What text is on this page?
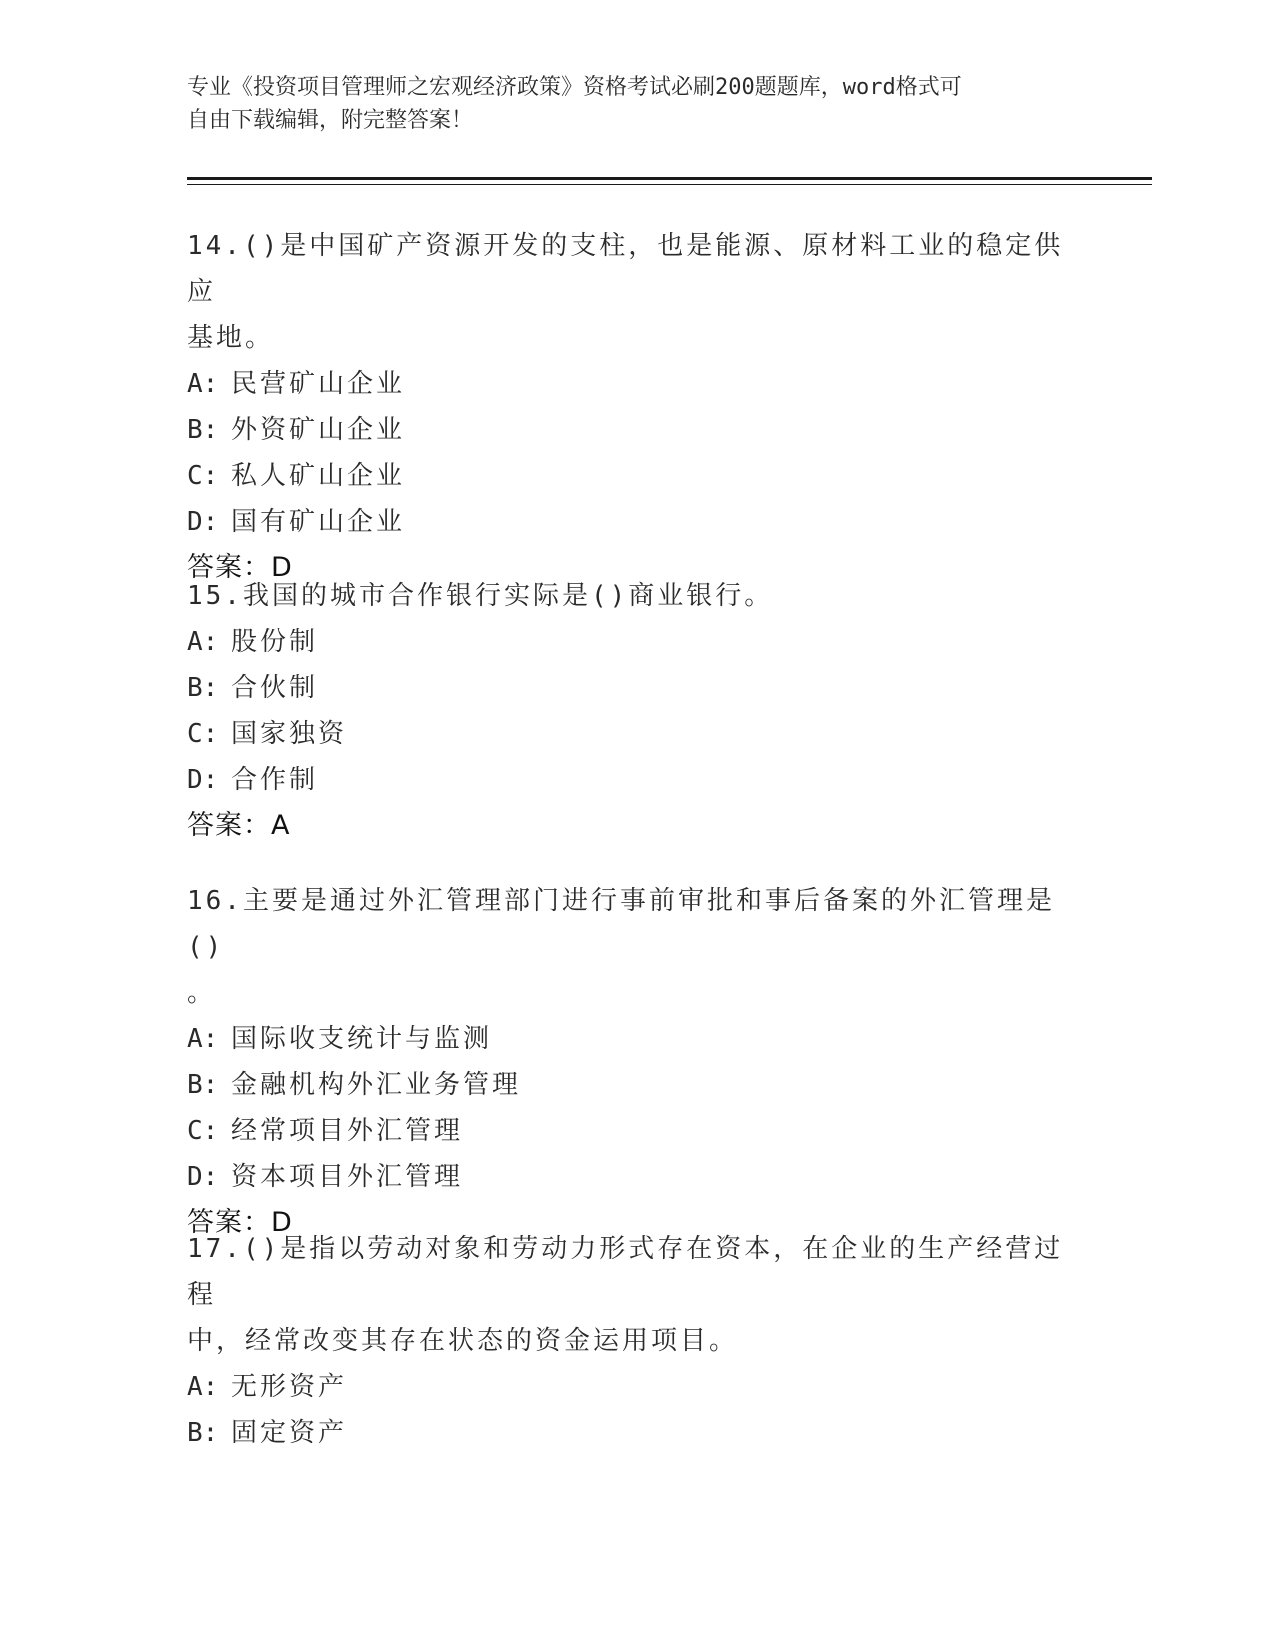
专业《投资项目管理师之宏观经济政策》资格考试必刷200题题库，word格式可
自由下载编辑，附完整答案！
14.()是中国矿产资源开发的支柱，也是能源、原材料工业的稳定供应
基地。
A: 民营矿山企业
B: 外资矿山企业
C: 私人矿山企业
D: 国有矿山企业
答案：D
15.我国的城市合作银行实际是()商业银行。
A: 股份制
B: 合伙制
C: 国家独资
D: 合作制
答案：A
16.主要是通过外汇管理部门进行事前审批和事后备案的外汇管理是()
。
A: 国际收支统计与监测
B: 金融机构外汇业务管理
C: 经常项目外汇管理
D: 资本项目外汇管理
答案：D
17.()是指以劳动对象和劳动力形式存在资本，在企业的生产经营过程
中，经常改变其存在状态的资金运用项目。
A: 无形资产
B: 固定资产
